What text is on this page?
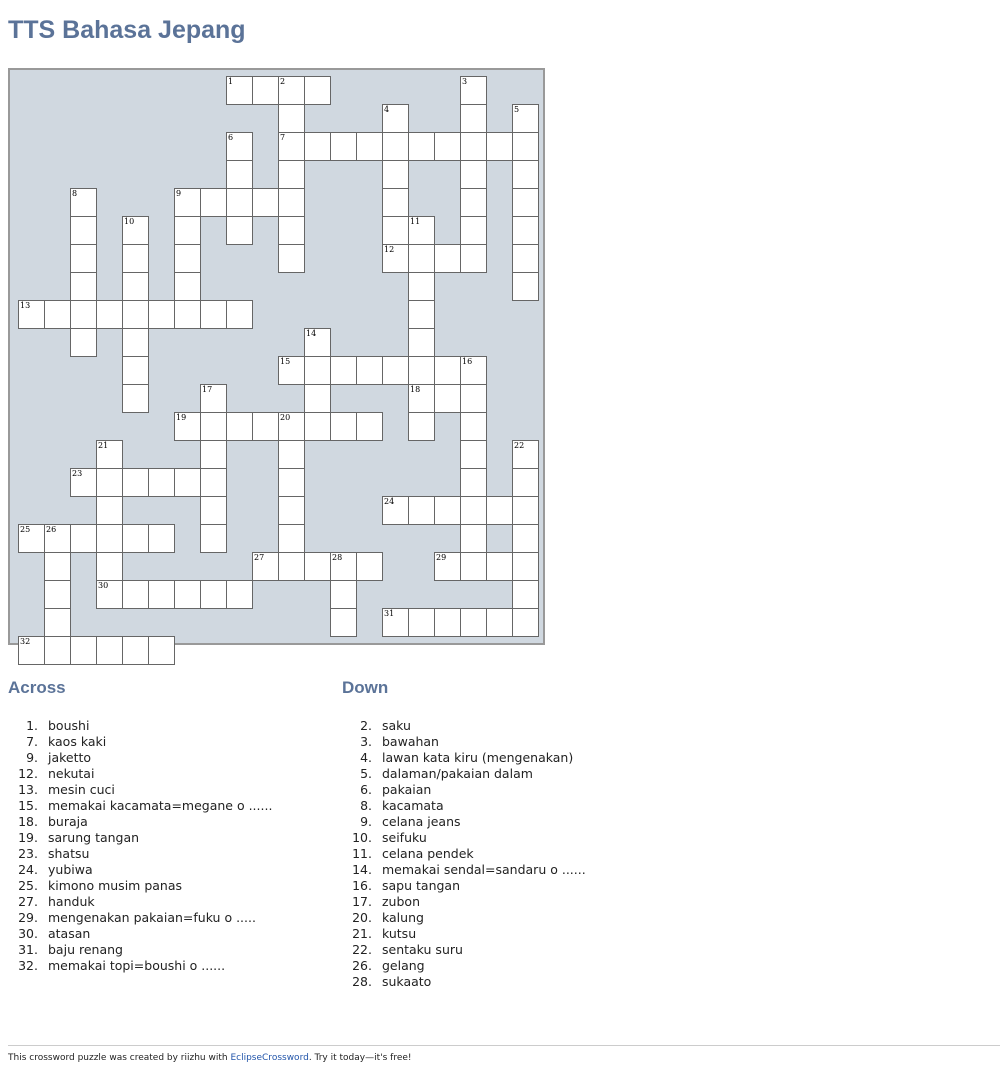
TTS Bahasa Jepang
1	2
7
9
12
13
15
18
19	20
23
24
25 26
27	28	29
30
31
32
3
4	5
6
8
10	11
14
16
17
21	22
Across
1. boushi
7. kaos kaki
9. jaketto
12. nekutai
13. mesin cuci
15. memakai kacamata=megane o ......
18. buraja
19. sarung tangan
23. shatsu
24. yubiwa
25. kimono musim panas
27. handuk
29. mengenakan pakaian=fuku o .....
30. atasan
31. baju renang
32. memakai topi=boushi o ......
Down
2. saku
3. bawahan
4. lawan kata kiru (mengenakan)
5. dalaman/pakaian dalam
6. pakaian
8. kacamata
9. celana jeans
10. seifuku
11. celana pendek
14. memakai sendal=sandaru o ......
16. sapu tangan
17. zubon
20. kalung
21. kutsu
22. sentaku suru
26. gelang
28. sukaato
This crossword puzzle was created by riizhu with EclipseCrossword. Try it today—it's free!
